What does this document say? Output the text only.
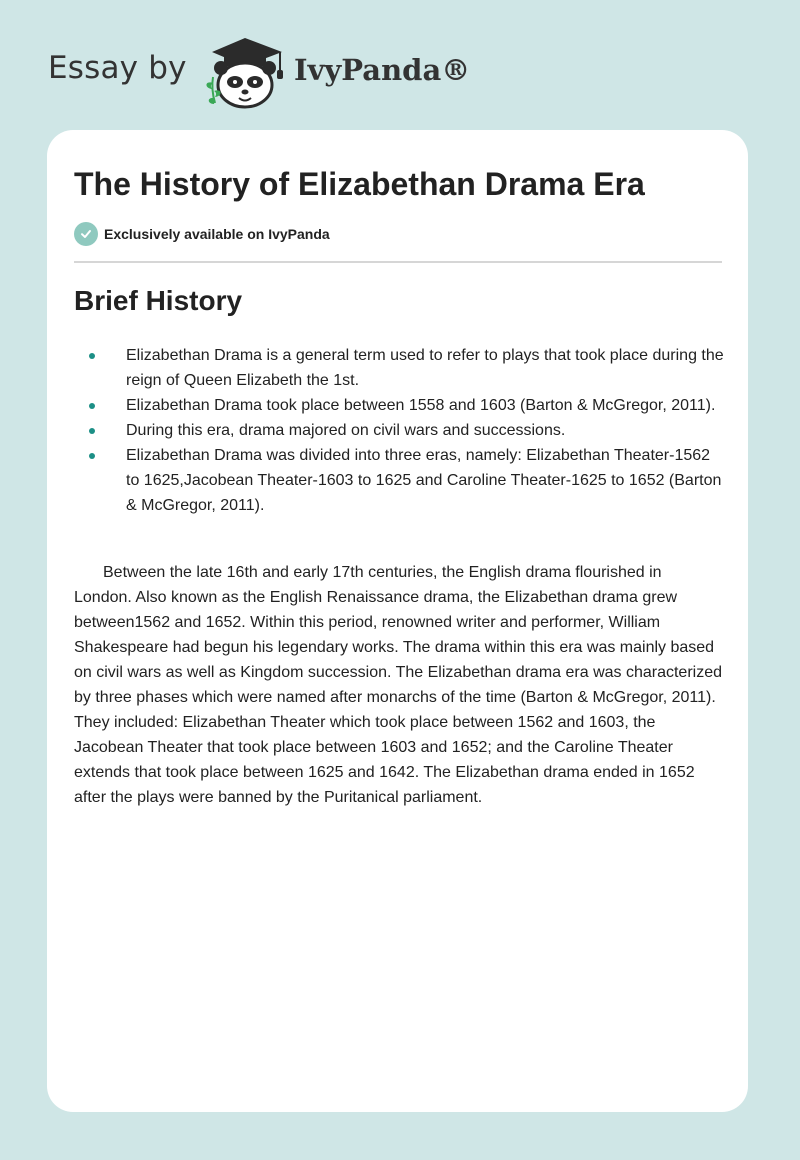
Essay by	IvyPanda®
The History of Elizabethan Drama Era
Exclusively available on IvyPanda
Brief History
Elizabethan Drama is a general term used to refer to plays that took place during the reign of Queen Elizabeth the 1st.
Elizabethan Drama took place between 1558 and 1603 (Barton & McGregor, 2011).
During this era, drama majored on civil wars and successions.
Elizabethan Drama was divided into three eras, namely: Elizabethan Theater-1562 to 1625,Jacobean Theater-1603 to 1625 and Caroline Theater-1625 to 1652 (Barton & McGregor, 2011).

Between the late 16th and early 17th centuries, the English drama flourished in London. Also known as the English Renaissance drama, the Elizabethan drama grew between1562 and 1652. Within this period, renowned writer and performer, William Shakespeare had begun his legendary works. The drama within this era was mainly based on civil wars as well as Kingdom succession. The Elizabethan drama era was characterized by three phases which were named after monarchs of the time (Barton & McGregor, 2011). They included: Elizabethan Theater which took place between 1562 and 1603, the Jacobean Theater that took place between 1603 and 1652; and the Caroline Theater extends that took place between 1625 and 1642. The Elizabethan drama ended in 1652 after the plays were banned by the Puritanical parliament.
